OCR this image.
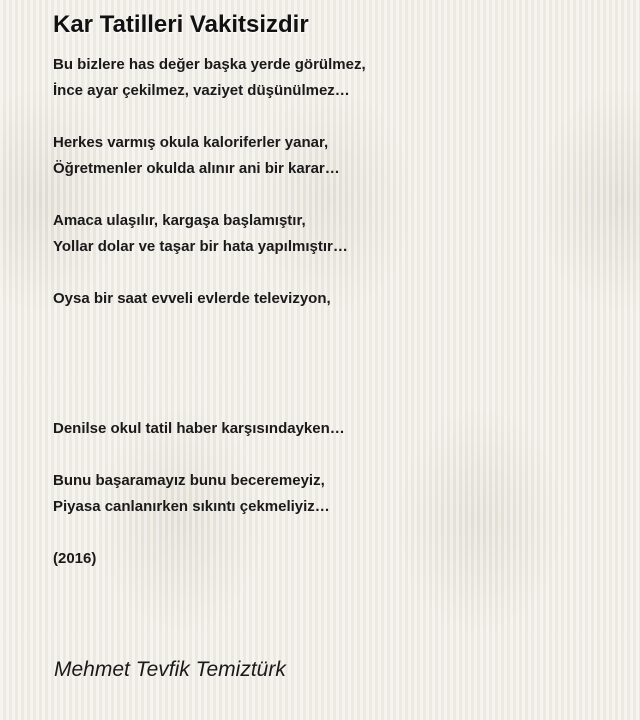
Kar Tatilleri Vakitsizdir
Bu bizlere has değer başka yerde görülmez,
İnce ayar çekilmez, vaziyet düşünülmez…
Herkes varmış okula kaloriferler yanar,
Öğretmenler okulda alınır ani bir karar…
Amaca ulaşılır, kargaşa başlamıştır,
Yollar dolar ve taşar bir hata yapılmıştır…
Oysa bir saat evveli evlerde televizyon,
Denilse okul tatil haber karşısındayken…
Bunu başaramayız bunu beceremeyiz,
Piyasa canlanırken sıkıntı çekmeliyiz…
(2016)
Mehmet Tevfik Temiztürk
